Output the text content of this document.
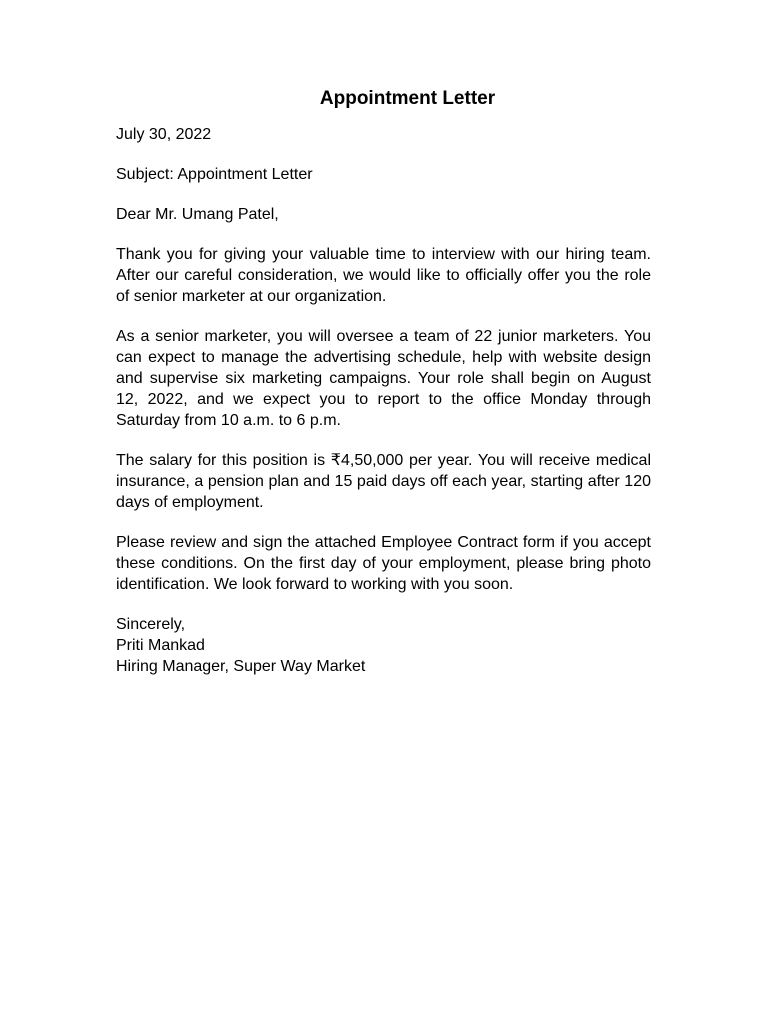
Appointment Letter

July 30, 2022

Subject: Appointment Letter

Dear Mr. Umang Patel,

Thank you for giving your valuable time to interview with our hiring team. After our careful consideration, we would like to officially offer you the role of senior marketer at our organization.

As a senior marketer, you will oversee a team of 22 junior marketers. You can expect to manage the advertising schedule, help with website design and supervise six marketing campaigns. Your role shall begin on August 12, 2022, and we expect you to report to the office Monday through Saturday from 10 a.m. to 6 p.m.

The salary for this position is ₹4,50,000 per year. You will receive medical insurance, a pension plan and 15 paid days off each year, starting after 120 days of employment.

Please review and sign the attached Employee Contract form if you accept these conditions. On the first day of your employment, please bring photo identification. We look forward to working with you soon.

Sincerely,

Priti Mankad

Hiring Manager, Super Way Market
